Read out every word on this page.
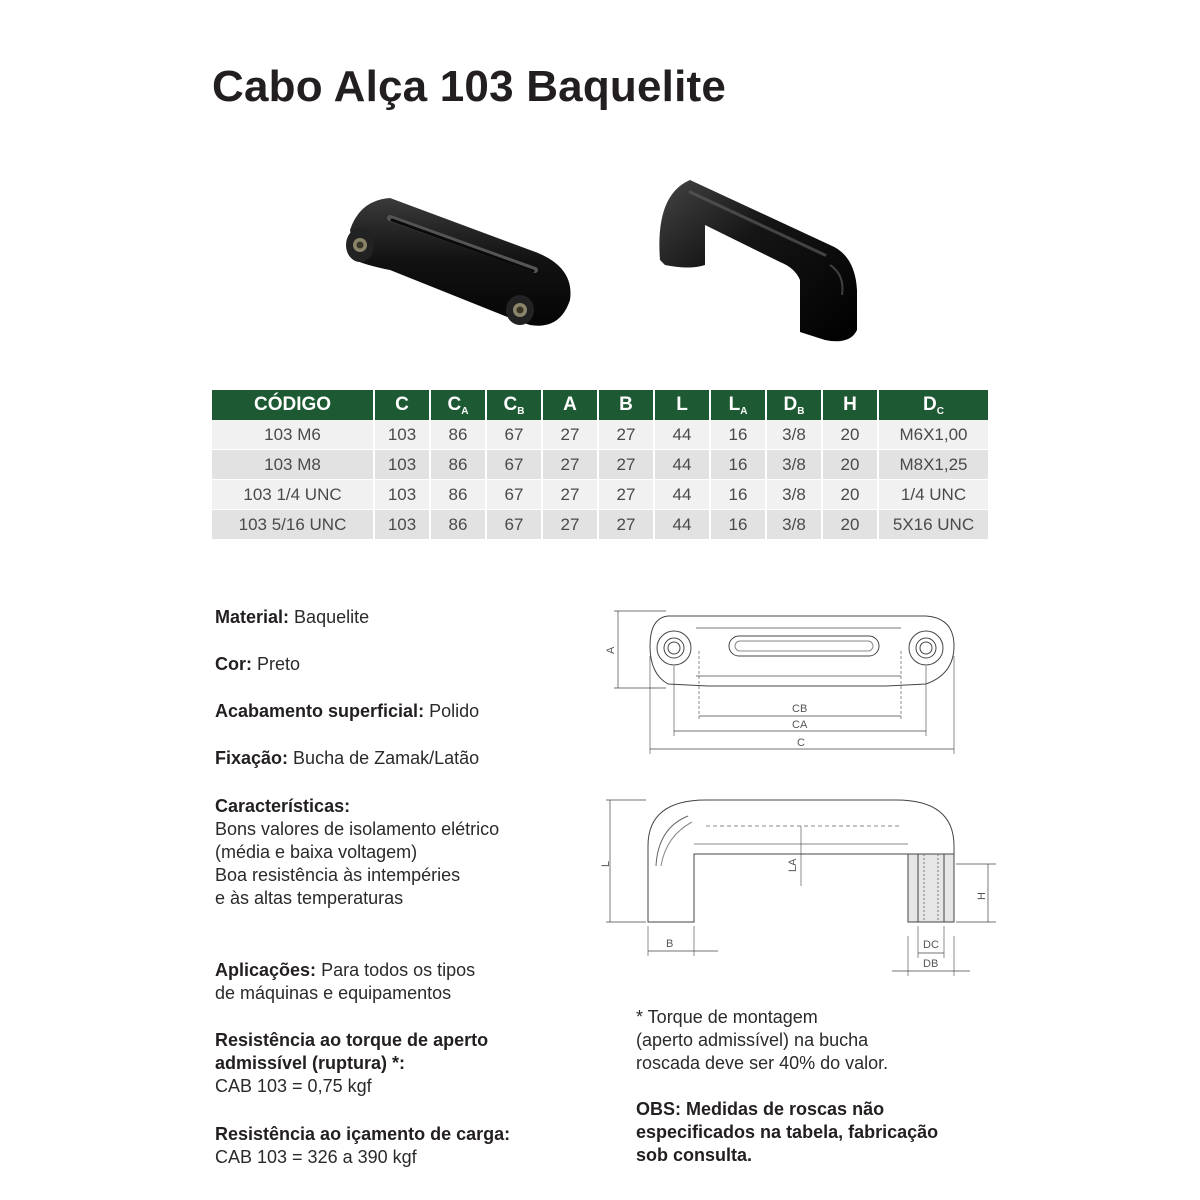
Cabo Alça 103 Baquelite
CÓDIGO	C	$C_A$	$C_B$	A	B	L	$L_A$	$D_B$	H	$D_C$
103 M6	103	86	67	27	27	44	16	3/8	20	M6X1,00
103 M8	103	86	67	27	27	44	16	3/8	20	M8X1,25
103 1/4 UNC	103	86	67	27	27	44	16	3/8	20	1/4 UNC
103 5/16 UNC	103	86	67	27	27	44	16	3/8	20	5X16 UNC
Material: Baquelite
Cor: Preto
Acabamento superficial: Polido
Fixação: Bucha de Zamak/Latão
Características:
Bons valores de isolamento elétrico
(média e baixa voltagem)
Boa resistência às intempéries
e às altas temperaturas
Aplicações: Para todos os tipos
de máquinas e equipamentos
Resistência ao torque de aperto
admissível (ruptura) *:
CAB 103 = 0,75 kgf
Resistência ao içamento de carga:
CAB 103 = 326 a 390 kgf
A
CB
CA
C
L	LA
H
B	DC
DB
* Torque de montagem
(aperto admissível) na bucha
roscada deve ser 40% do valor.
OBS: Medidas de roscas não
especificados na tabela, fabricação
sob consulta.
